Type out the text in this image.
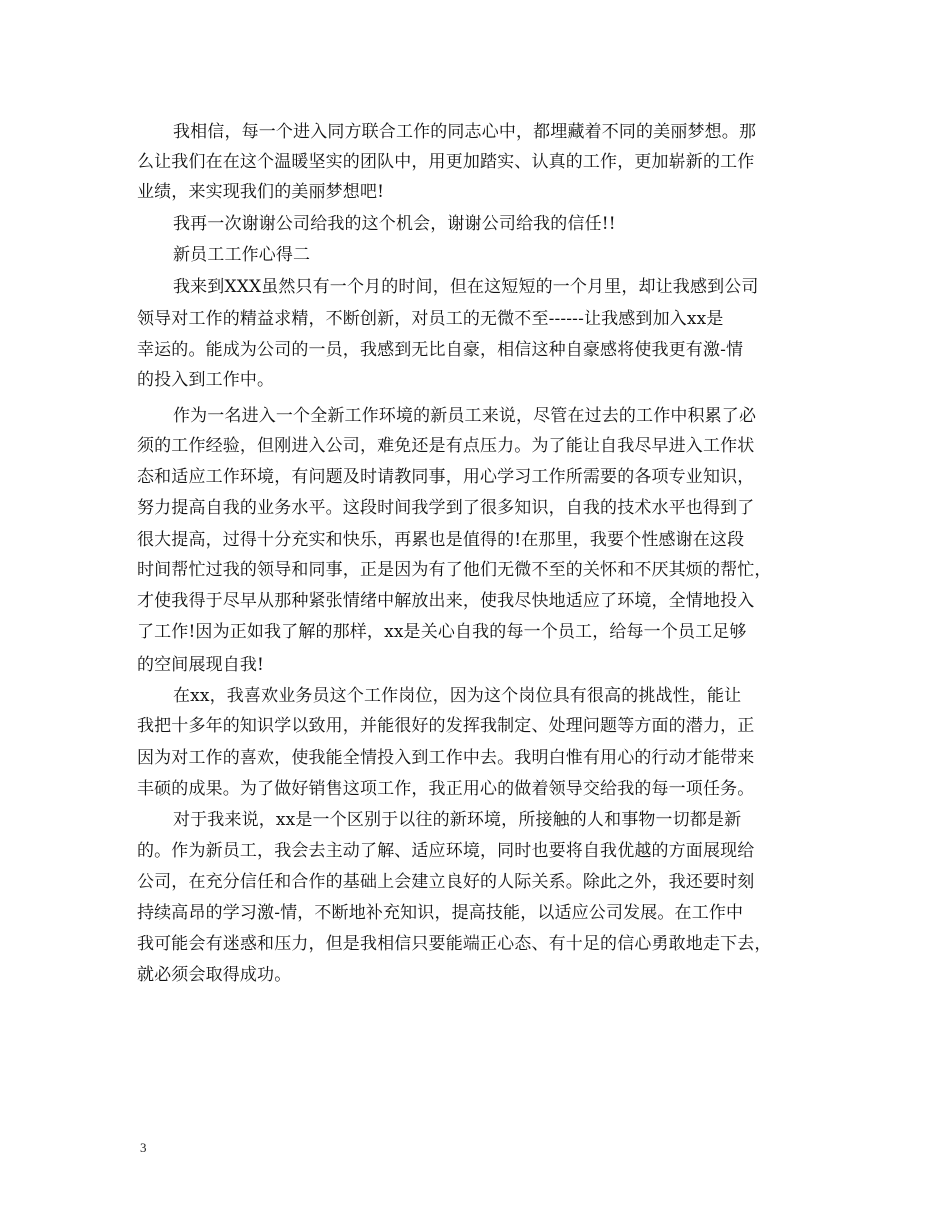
我相信，每一个进入同方联合工作的同志心中，都埋藏着不同的美丽梦想。那
么让我们在在这个温暖坚实的团队中，用更加踏实、认真的工作，更加崭新的工作
业绩，来实现我们的美丽梦想吧!
我再一次谢谢公司给我的这个机会，谢谢公司给我的信任!!
新员工工作心得二
我来到XXX虽然只有一个月的时间，但在这短短的一个月里，却让我感到公司
领导对工作的精益求精，不断创新，对员工的无微不至------让我感到加入xx是
幸运的。能成为公司的一员，我感到无比自豪，相信这种自豪感将使我更有激-情
的投入到工作中。
作为一名进入一个全新工作环境的新员工来说，尽管在过去的工作中积累了必
须的工作经验，但刚进入公司，难免还是有点压力。为了能让自我尽早进入工作状
态和适应工作环境，有问题及时请教同事，用心学习工作所需要的各项专业知识，
努力提高自我的业务水平。这段时间我学到了很多知识，自我的技术水平也得到了
很大提高，过得十分充实和快乐，再累也是值得的!在那里，我要个性感谢在这段
时间帮忙过我的领导和同事，正是因为有了他们无微不至的关怀和不厌其烦的帮忙，
才使我得于尽早从那种紧张情绪中解放出来，使我尽快地适应了环境，全情地投入
了工作!因为正如我了解的那样，xx是关心自我的每一个员工，给每一个员工足够
的空间展现自我!
在xx，我喜欢业务员这个工作岗位，因为这个岗位具有很高的挑战性，能让
我把十多年的知识学以致用，并能很好的发挥我制定、处理问题等方面的潜力，正
因为对工作的喜欢，使我能全情投入到工作中去。我明白惟有用心的行动才能带来
丰硕的成果。为了做好销售这项工作，我正用心的做着领导交给我的每一项任务。
对于我来说，xx是一个区别于以往的新环境，所接触的人和事物一切都是新
的。作为新员工，我会去主动了解、适应环境，同时也要将自我优越的方面展现给
公司，在充分信任和合作的基础上会建立良好的人际关系。除此之外，我还要时刻
持续高昂的学习激-情，不断地补充知识，提高技能，以适应公司发展。在工作中
我可能会有迷惑和压力，但是我相信只要能端正心态、有十足的信心勇敢地走下去，
就必须会取得成功。
3
